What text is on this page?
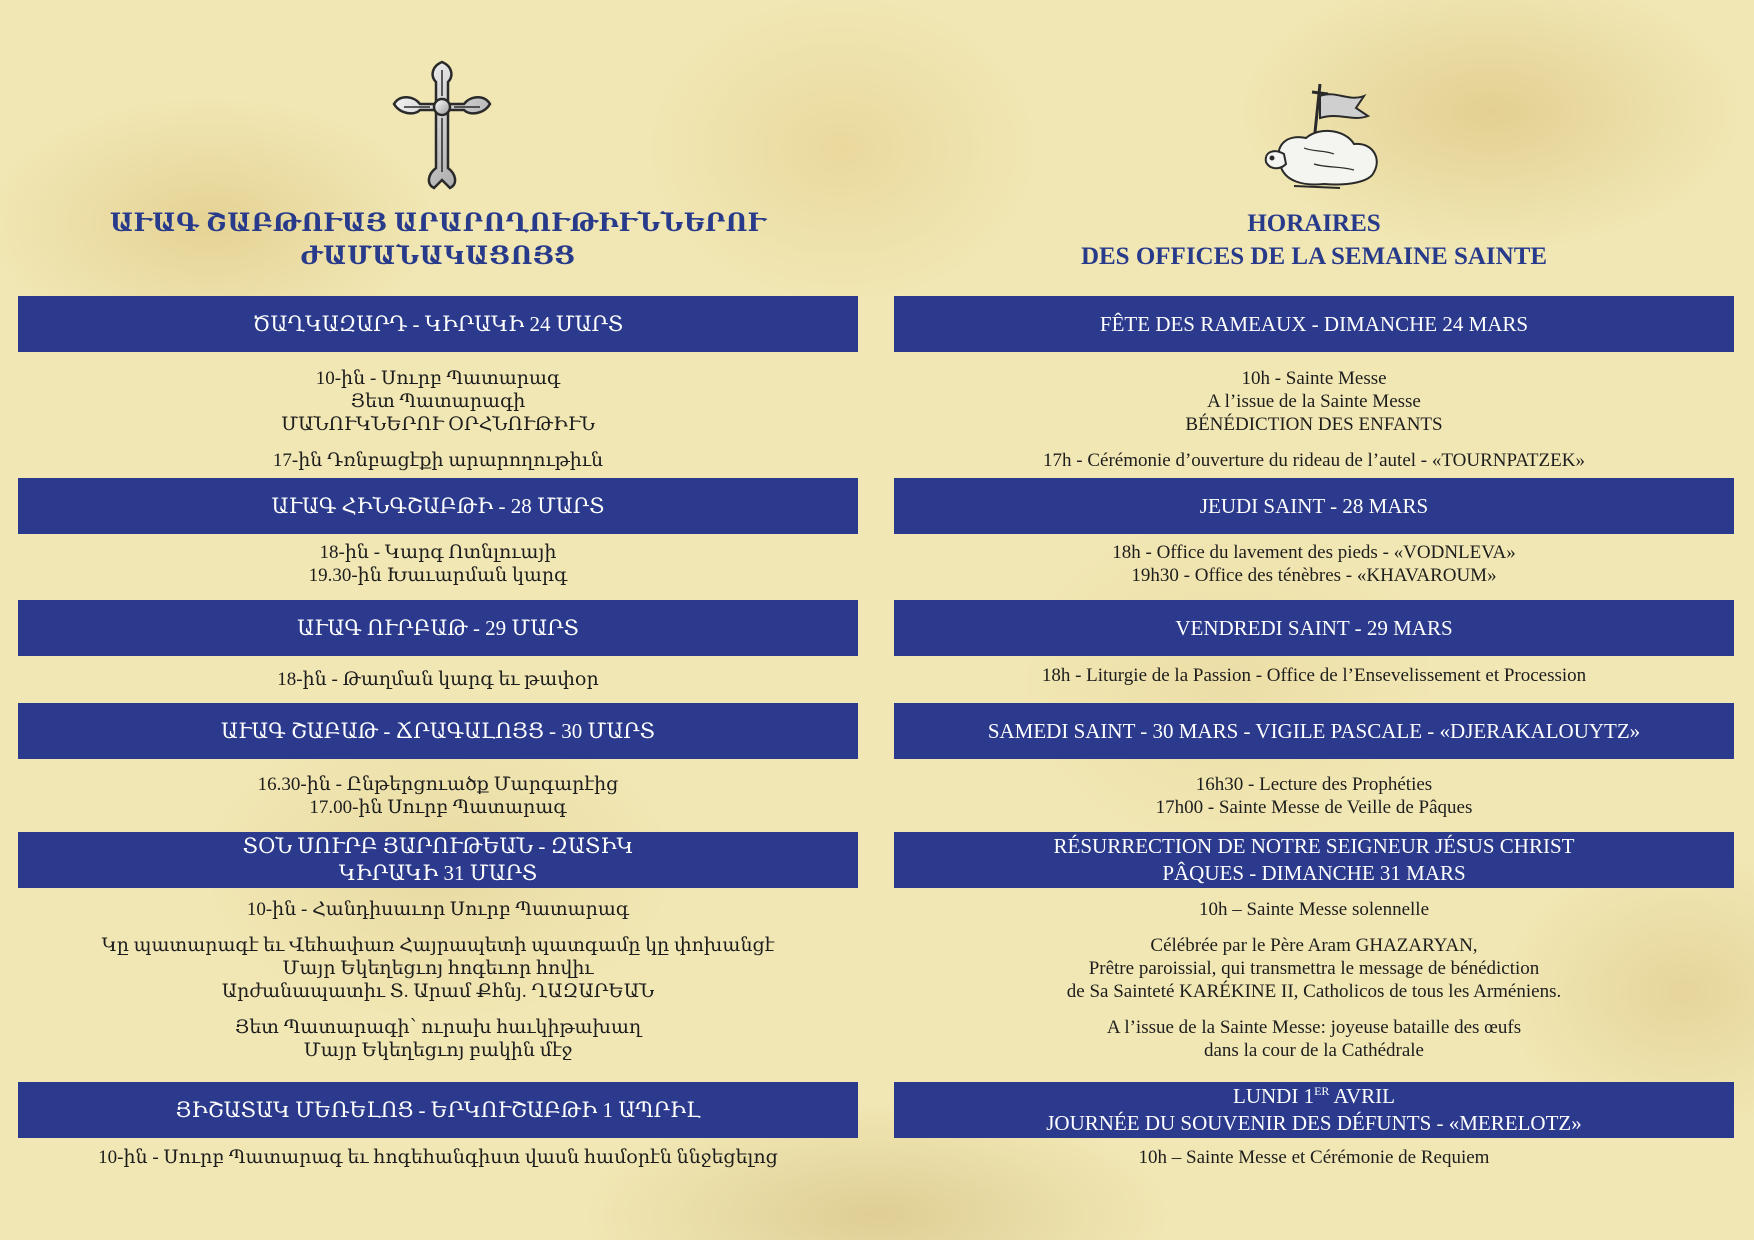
ԱՒԱԳ ՇԱԲԹՈՒԱՅ ԱՐԱՐՈՂՈՒԹԻՒՆՆԵՐՈՒ
ԺԱՄԱՆԱԿԱՑՈՅՑ
ԾԱՂԿԱԶԱՐԴ - ԿԻՐԱԿԻ 24 ՄԱՐՏ
10-ին - Սուրբ Պատարագ
Յետ Պատարագի
ՄԱՆՈՒԿՆԵՐՈՒ ՕՐՀՆՈՒԹԻՒՆ
17-ին Դռնբացէքի արարողութիւն
ԱՒԱԳ ՀԻՆԳՇԱԲԹԻ - 28 ՄԱՐՏ
18-ին - Կարգ Ոտնլուայի
19.30-ին Խաւարման կարգ
ԱՒԱԳ ՈՒՐԲԱԹ - 29 ՄԱՐՏ
18-ին - Թաղման կարգ եւ թափօր
ԱՒԱԳ ՇԱԲԱԹ - ՃՐԱԳԱԼՈՅՑ - 30 ՄԱՐՏ
16.30-ին - Ընթերցուածք Մարգարէից
17.00-ին Սուրբ Պատարագ
ՏՕՆ ՍՈՒՐԲ ՅԱՐՈՒԹԵԱՆ - ԶԱՏԻԿ
ԿԻՐԱԿԻ 31 ՄԱՐՏ
10-ին - Հանդիսաւոր Սուրբ Պատարագ
Կը պատարագէ եւ Վեհափառ Հայրապետի պատգամը կը փոխանցէ
Մայր Եկեղեցւոյ հոգեւոր հովիւ
Արժանապատիւ Տ. Արամ Քհնյ. ՂԱԶԱՐԵԱՆ
Յետ Պատարագի՝ ուրախ հաւկիթախաղ
Մայր Եկեղեցւոյ բակին մէջ
ՅԻՇԱՏԱԿ ՄԵՌԵԼՈՑ - ԵՐԿՈՒՇԱԲԹԻ 1 ԱՊՐԻԼ
10-ին - Սուրբ Պատարագ եւ հոգեհանգիստ վասն համօրէն ննջեցելոց
HORAIRES
DES OFFICES DE LA SEMAINE SAINTE
FÊTE DES RAMEAUX - DIMANCHE 24 MARS
10h - Sainte Messe
A l’issue de la Sainte Messe
BÉNÉDICTION DES ENFANTS
17h - Cérémonie d’ouverture du rideau de l’autel - «TOURNPATZEK»
JEUDI SAINT - 28 MARS
18h - Office du lavement des pieds - «VODNLEVA»
19h30 - Office des ténèbres - «KHAVAROUM»
VENDREDI SAINT - 29 MARS
18h - Liturgie de la Passion - Office de l’Ensevelissement et Procession
SAMEDI SAINT - 30 MARS - VIGILE PASCALE - «DJERAKALOUYTZ»
16h30 - Lecture des Prophéties
17h00 - Sainte Messe de Veille de Pâques
RÉSURRECTION DE NOTRE SEIGNEUR JÉSUS CHRIST
PÂQUES - DIMANCHE 31 MARS
10h – Sainte Messe solennelle
Célébrée par le Père Aram GHAZARYAN,
Prêtre paroissial, qui transmettra le message de bénédiction
de Sa Sainteté KARÉKINE II, Catholicos de tous les Arméniens.
A l’issue de la Sainte Messe: joyeuse bataille des œufs
dans la cour de la Cathédrale
LUNDI 1ER AVRIL
JOURNÉE DU SOUVENIR DES DÉFUNTS - «MERELOTZ»
10h – Sainte Messe et Cérémonie de Requiem
